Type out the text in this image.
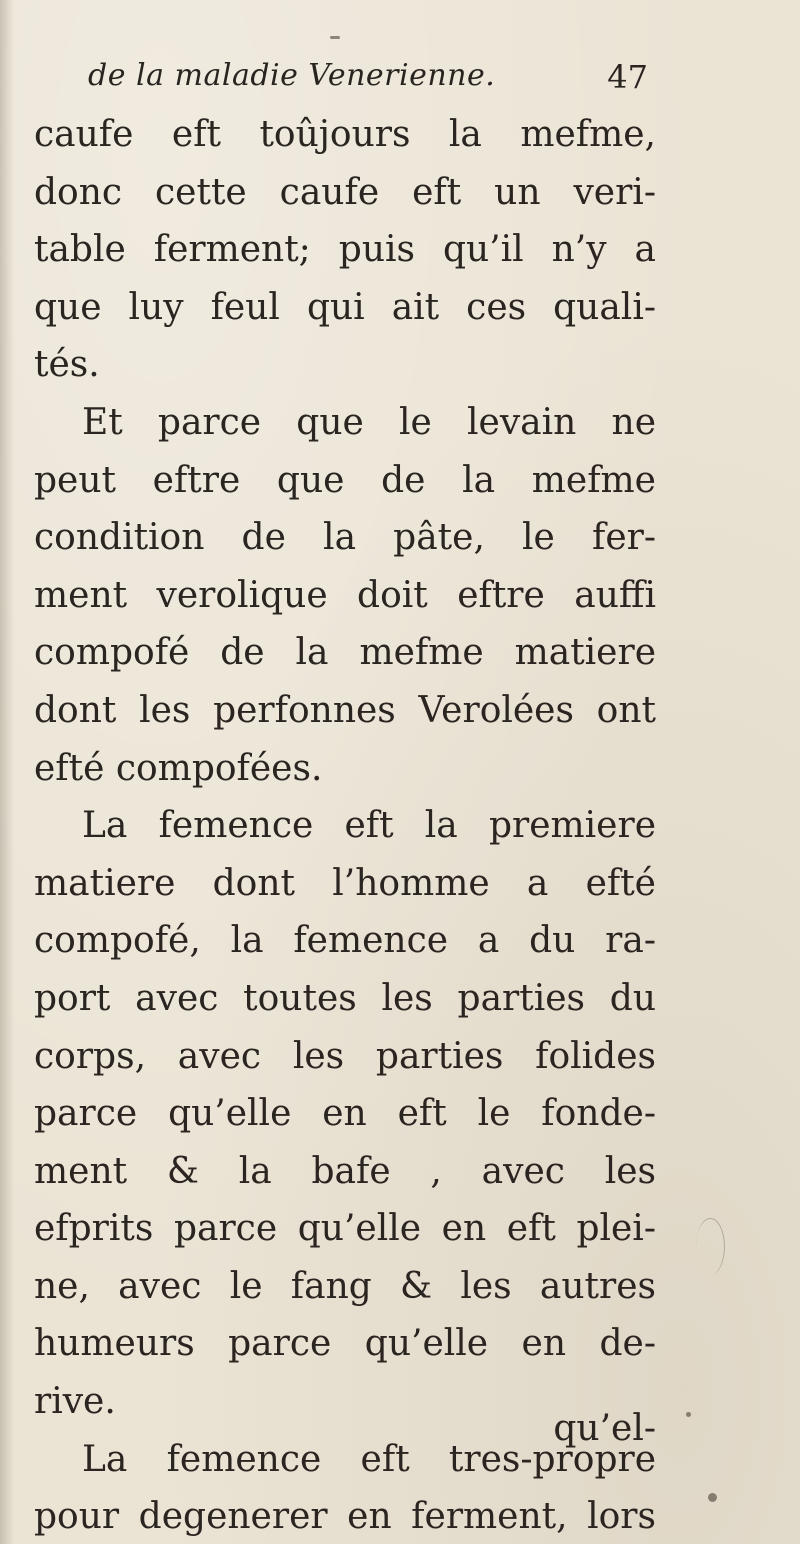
de la maladie Venerienne.	47
caufe eft toûjours la mefme,
donc cette caufe eft un veri-
table ferment; puis qu’il n’y a
que luy feul qui ait ces quali-
tés.
Et parce que le levain ne
peut eftre que de la mefme
condition de la pâte, le fer-
ment verolique doit eftre auffi
compofé de la mefme matiere
dont les perfonnes Verolées ont
efté compofées.
La femence eft la premiere
matiere dont l’homme a efté
compofé, la femence a du ra-
port avec toutes les parties du
corps, avec les parties folides
parce qu’elle en eft le fonde-
ment & la bafe , avec les
efprits parce qu’elle en eft plei-
ne, avec le fang & les autres
humeurs parce qu’elle en de-
rive.
La femence eft tres-propre
pour degenerer en ferment, lors
qu’el-
